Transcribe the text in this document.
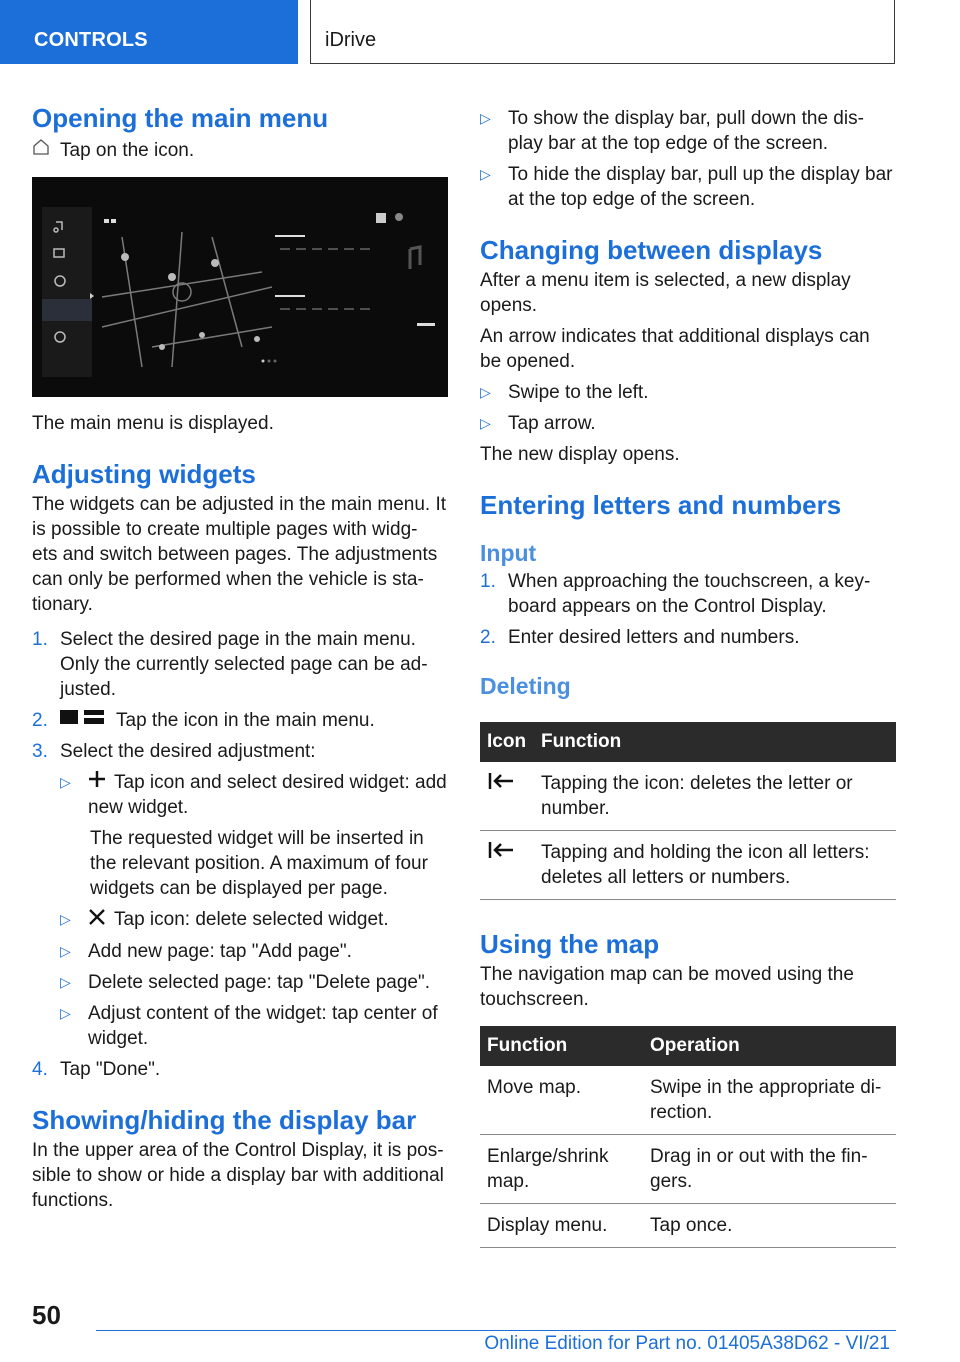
CONTROLS	iDrive
Opening the main menu

Tap on the icon.

The main menu is displayed.

Adjusting widgets

The widgets can be adjusted in the main menu. It is possible to create multiple pages with widg‐ ets and switch between pages. The adjustments can only be performed when the vehicle is sta‐ tionary.

1. Select the desired page in the main menu. Only the currently selected page can be ad‐ justed.
2.	Tap the icon in the main menu.
3. Select the desired adjustment:
▷	Tap icon and select desired widget: add new widget.

The requested widget will be inserted in the relevant position. A maximum of four widgets can be displayed per page.

▷	Tap icon: delete selected widget.
▷ Add new page: tap "Add page".
▷ Delete selected page: tap "Delete page".
▷ Adjust content of the widget: tap center of widget.
4. Tap "Done".
Showing/hiding the display bar

In the upper area of the Control Display, it is pos‐ sible to show or hide a display bar with additional functions.

▷ To show the display bar, pull down the dis‐ play bar at the top edge of the screen.
▷ To hide the display bar, pull up the display bar at the top edge of the screen.
Changing between displays

After a menu item is selected, a new display opens.

An arrow indicates that additional displays can be opened.

▷ Swipe to the left.
▷ Tap arrow.

The new display opens.

Entering letters and numbers
Input
1. When approaching the touchscreen, a key‐ board appears on the Control Display.
2. Enter desired letters and numbers.
Deleting
Icon	Function
	Tapping the icon: deletes the letter or number.
	Tapping and holding the icon all letters: deletes all letters or numbers.
Using the map

The navigation map can be moved using the touchscreen.

Function	Operation
Move map.	Swipe in the appropriate di‐ rection.
Enlarge/shrink map.	Drag in or out with the fin‐ gers.
Display menu.	Tap once.
50
Online Edition for Part no. 01405A38D62 - VI/21
